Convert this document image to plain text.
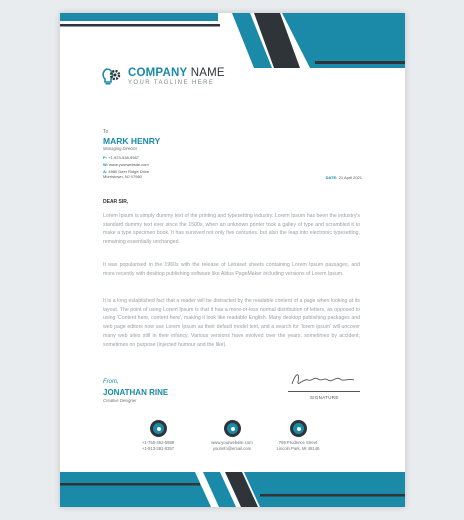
COMPANY NAME
YOUR TAGLINE HERE
To
MARK HENRY
Managing Director
P: +1-923-538-9987
W: www.yourwebsite.com
A: 4980 Deer Ridge Drive
Morristown, NJ 07960	DATE: 21 April 2021
DEAR SIR,
Lorem Ipsum is simply dummy text of the printing and typesetting industry. Lorem Ipsum has been the industry's standard dummy text ever since the 1500s, when an unknown printer took a galley of type and scrambled it to make a type specimen book. It has survived not only five centuries, but also the leap into electronic typesetting, remaining essentially unchanged.
It was popularised in the 1960s with the release of Letraset sheets containing Lorem Ipsum passages, and more recently with desktop publishing software like Aldus PageMaker including versions of Lorem Ipsum.
It is a long established fact that a reader will be distracted by the readable content of a page when looking at its layout. The point of using Lorem Ipsum is that it has a more-or-less normal distribution of letters, as opposed to using 'Content here, content here', making it look like readable English. Many desktop publishing packages and web page editors now use Lorem Ipsum as their default model text, and a search for 'lorem ipsum' will uncover many web sites still in their infancy. Various versions have evolved over the years, sometimes by accident, sometimes on purpose (injected humour and the like).
From,
JONATHAN RINE
Creative Designer
SIGNATURE
+1-755-352-5989
+1-913-381-8357
www.yourwebsite.com
yourinfo@email.com
769 Prudence Street
Lincoln Park, MI 48146
